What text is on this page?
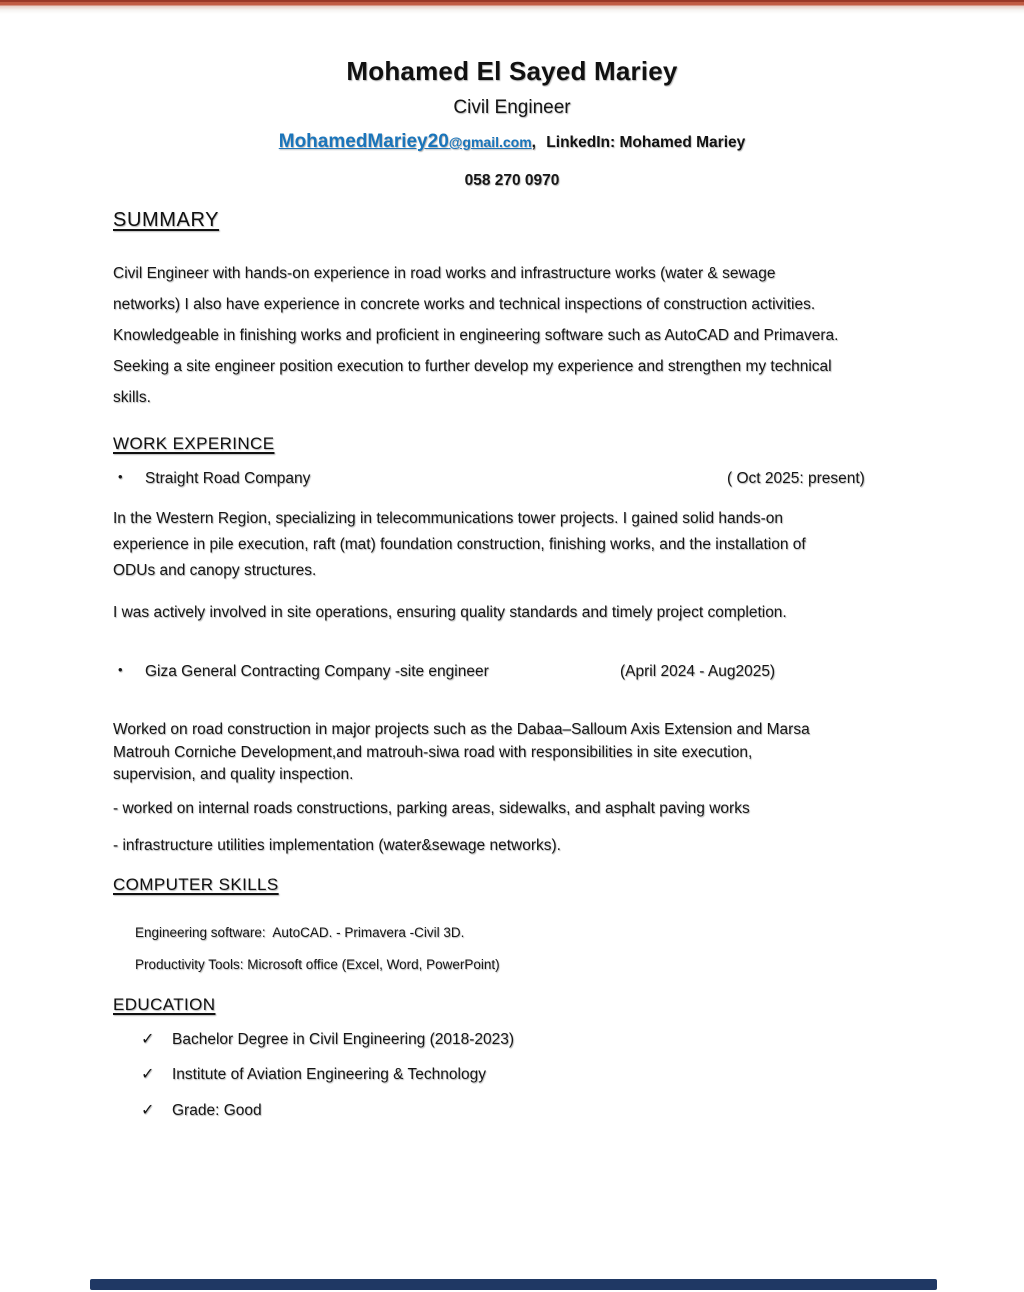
Mohamed El Sayed Mariey
Civil Engineer
MohamedMariey20@gmail.com, LinkedIn: Mohamed Mariey
058 270 0970
SUMMARY
Civil Engineer with hands-on experience in road works and infrastructure works (water & sewage
networks) I also have experience in concrete works and technical inspections of construction activities.
Knowledgeable in finishing works and proficient in engineering software such as AutoCAD and Primavera.
Seeking a site engineer position execution to further develop my experience and strengthen my technical
skills.
WORK EXPERINCE
• Straight Road Company	( Oct 2025: present)
In the Western Region, specializing in telecommunications tower projects. I gained solid hands-on
experience in pile execution, raft (mat) foundation construction, finishing works, and the installation of
ODUs and canopy structures.
I was actively involved in site operations, ensuring quality standards and timely project completion.
• Giza General Contracting Company -site engineer	(April 2024 - Aug2025)
Worked on road construction in major projects such as the Dabaa–Salloum Axis Extension and Marsa
Matrouh Corniche Development,and matrouh-siwa road with responsibilities in site execution,
supervision, and quality inspection.
- worked on internal roads constructions, parking areas, sidewalks, and asphalt paving works
- infrastructure utilities implementation (water&sewage networks).
COMPUTER SKILLS

Engineering software:  AutoCAD. - Primavera -Civil 3D.

Productivity Tools: Microsoft office (Excel, Word, PowerPoint)

EDUCATION
✓ Bachelor Degree in Civil Engineering (2018-2023)
✓ Institute of Aviation Engineering & Technology
✓ Grade: Good
